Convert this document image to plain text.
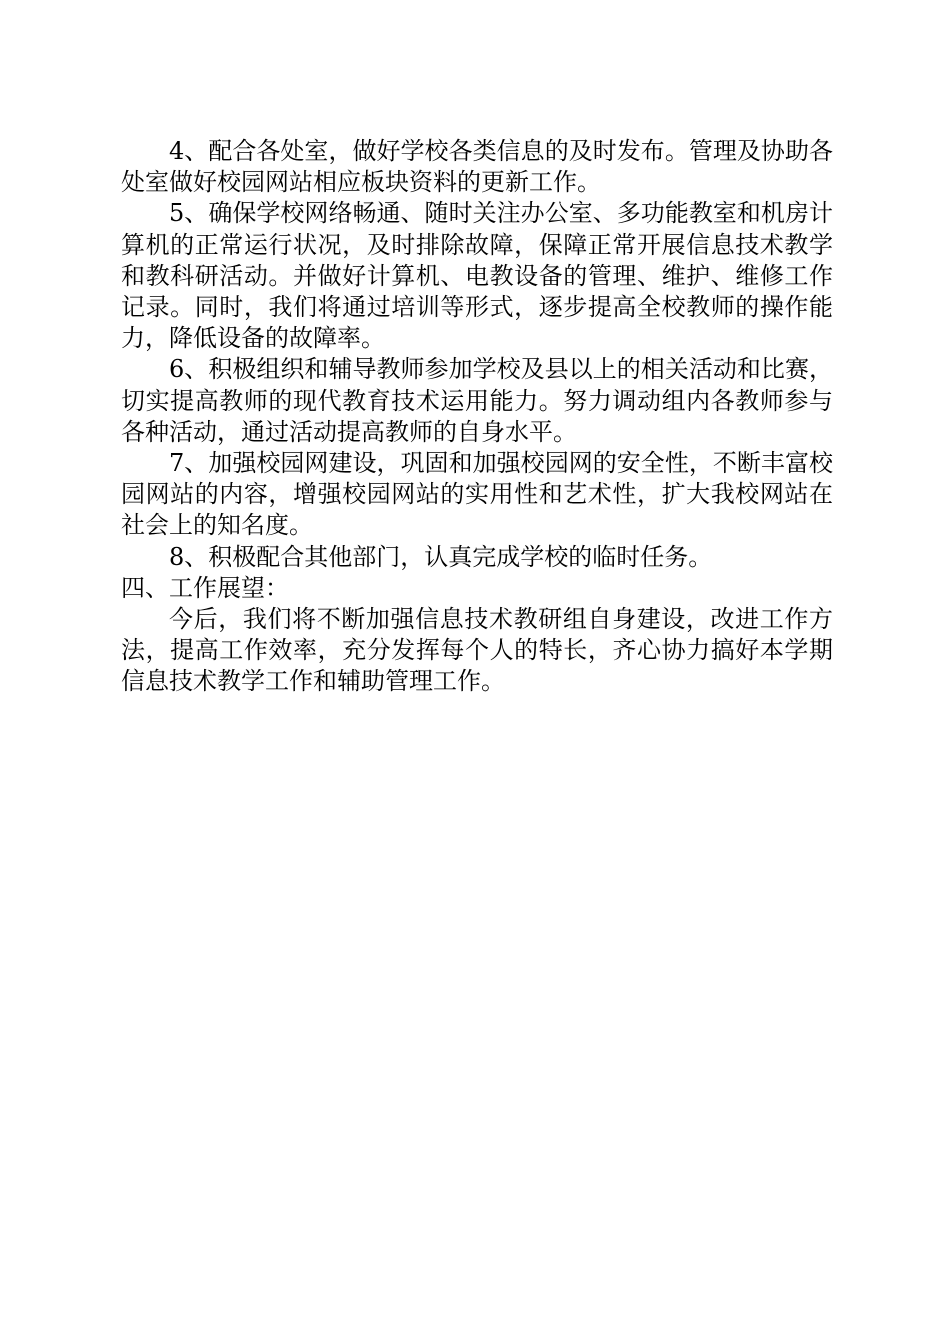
4、配合各处室，做好学校各类信息的及时发布。管理及协助各处室做好校园网站相应板块资料的更新工作。

5、确保学校网络畅通、随时关注办公室、多功能教室和机房计算机的正常运行状况，及时排除故障，保障正常开展信息技术教学和教科研活动。并做好计算机、电教设备的管理、维护、维修工作记录。同时，我们将通过培训等形式，逐步提高全校教师的操作能力，降低设备的故障率。

6、积极组织和辅导教师参加学校及县以上的相关活动和比赛，切实提高教师的现代教育技术运用能力。努力调动组内各教师参与各种活动，通过活动提高教师的自身水平。

7、加强校园网建设，巩固和加强校园网的安全性，不断丰富校园网站的内容，增强校园网站的实用性和艺术性，扩大我校网站在社会上的知名度。

8、积极配合其他部门，认真完成学校的临时任务。

四、工作展望：

今后，我们将不断加强信息技术教研组自身建设，改进工作方法，提高工作效率，充分发挥每个人的特长，齐心协力搞好本学期信息技术教学工作和辅助管理工作。
